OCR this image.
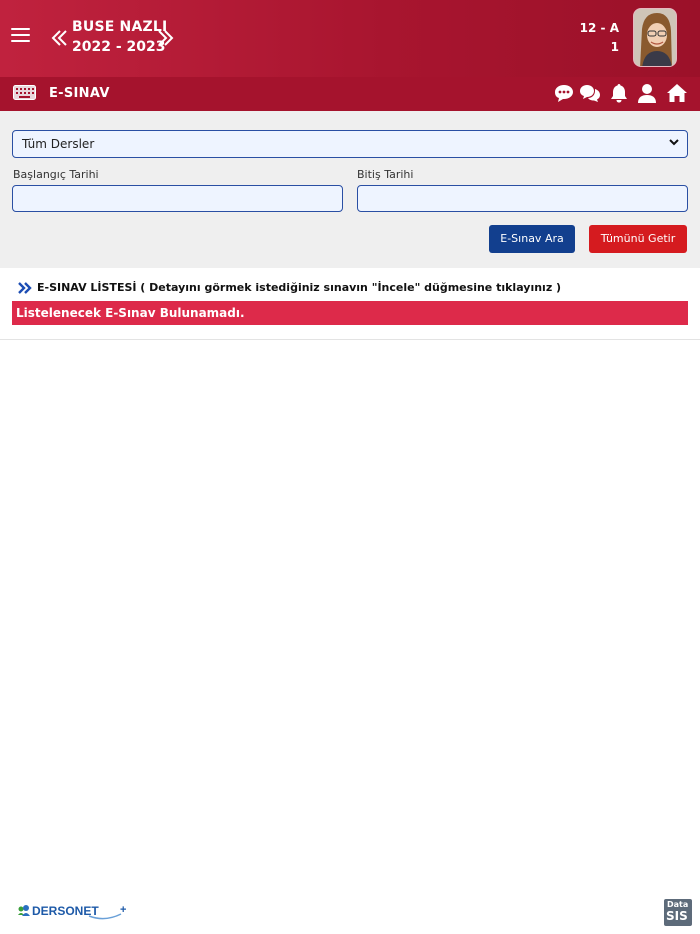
BUSE NAZLI
2022 - 2023
12 - A
1
E-SINAV
Tüm Dersler
Başlangıç Tarihi	Bitiş Tarihi
E-Sınav Ara	Tümünü Getir
E-SINAV LİSTESİ ( Detayını görmek istediğiniz sınavın "İncele" düğmesine tıklayınız )
Listelenecek E-Sınav Bulunamadı.
DERSONET +	Data
SIS
